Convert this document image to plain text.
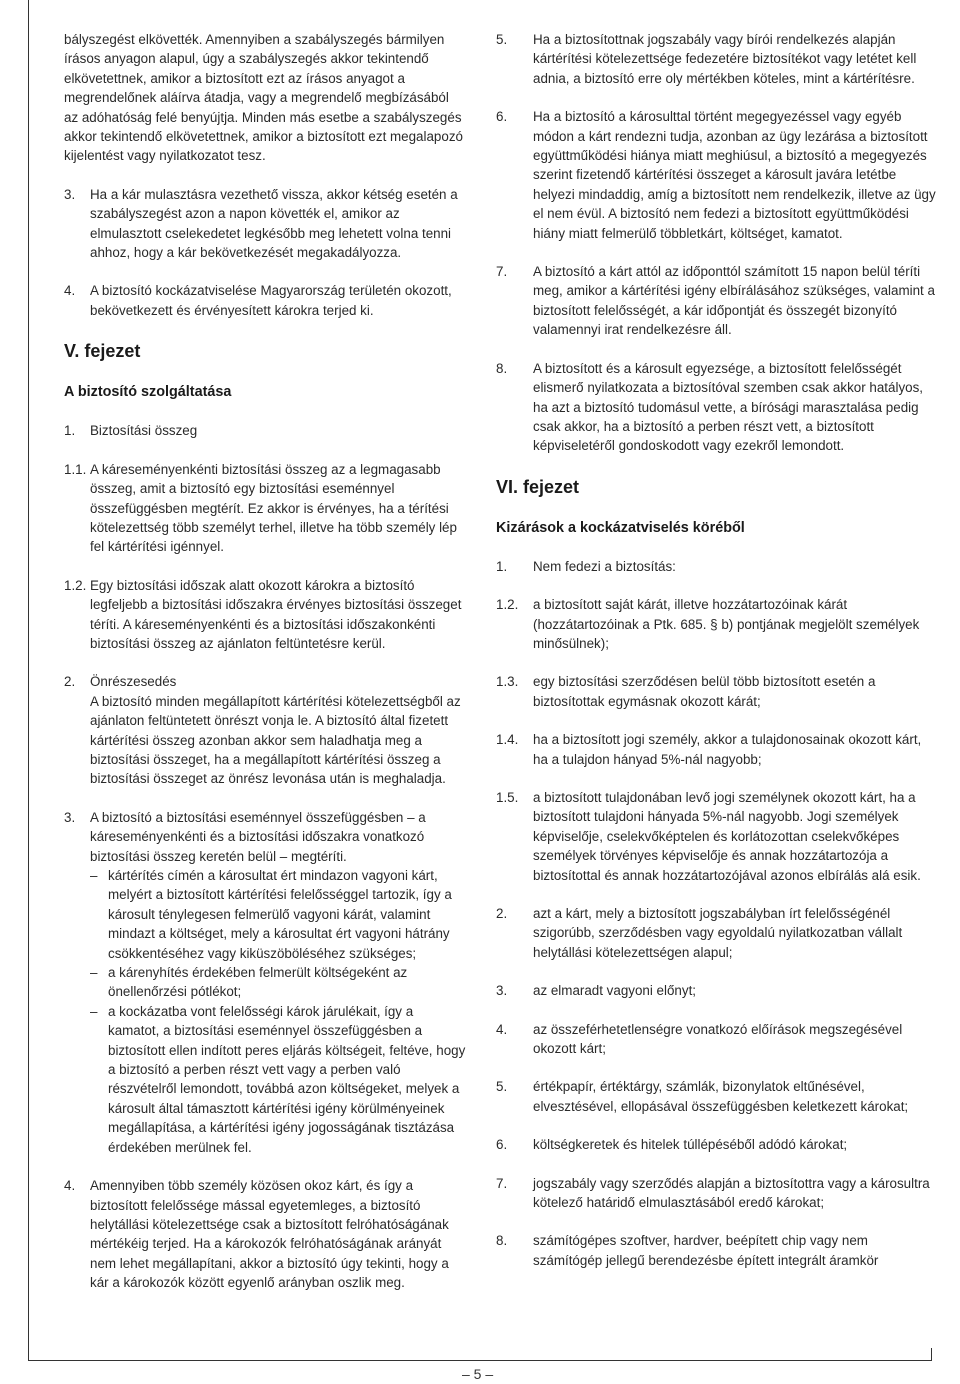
bályszegést elkövették. Amennyiben a szabályszegés bármilyen írásos anyagon alapul, úgy a szabályszegés akkor tekintendő elkövetettnek, amikor a biztosított ezt az írásos anyagot a megrendelőnek aláírva átadja, vagy a megrendelő megbízásából az adóhatóság felé benyújtja. Minden más esetbe a szabályszegés akkor tekintendő elkövetettnek, amikor a biztosított ezt megalapozó kijelentést vagy nyilatkozatot tesz.

3.	Ha a kár mulasztásra vezethető vissza, akkor kétség esetén a szabályszegést azon a napon követték el, amikor az elmulasztott cselekedetet legkésőbb meg lehetett volna tenni ahhoz, hogy a kár bekövetkezését megakadályozza.
4.	A biztosító kockázatviselése Magyarország területén okozott, bekövetkezett és érvényesített károkra terjed ki.
V. fejezet
A biztosító szolgáltatása
1.	Biztosítási összeg
1.1. A káreseményenkénti biztosítási összeg az a legmagasabb összeg, amit a biztosító egy biztosítási eseménnyel összefüggésben megtérít. Ez akkor is érvényes, ha a térítési kötelezettség több személyt terhel, illetve ha több személy lép fel kártérítési igénnyel.
1.2. Egy biztosítási időszak alatt okozott károkra a biztosító legfeljebb a biztosítási időszakra érvényes biztosítási összeget téríti. A káreseményenkénti és a biztosítási időszakonkénti biztosítási összeg az ajánlaton feltüntetésre kerül.
2.	Önrészesedés
A biztosító minden megállapított kártérítési kötelezettségből az ajánlaton feltüntetett önrészt vonja le. A biztosító által fizetett kártérítési összeg azonban akkor sem haladhatja meg a biztosítási összeget, ha a megállapított kártérítési összeg a biztosítási összeget az önrész levonása után is meghaladja.
3.	A biztosító a biztosítási eseménnyel összefüggésben – a káreseményenkénti és a biztosítási időszakra vonatkozó biztosítási összeg keretén belül – megtéríti.
– kártérítés címén a károsultat ért mindazon vagyoni kárt, melyért a biztosított kártérítési felelősséggel tartozik, így a károsult ténylegesen felmerülő vagyoni kárát, valamint mindazt a költséget, mely a károsultat ért vagyoni hátrány csökkentéséhez vagy kiküszöböléséhez szükséges;
– a kárenyhítés érdekében felmerült költségeként az önellenőrzési pótlékot;
– a kockázatba vont felelősségi károk járulékait, így a kamatot, a biztosítási eseménnyel összefüggésben a biztosított ellen indított peres eljárás költségeit, feltéve, hogy a biztosító a perben részt vett vagy a perben való részvételről lemondott, továbbá azon költségeket, melyek a károsult által támasztott kártérítési igény körülményeinek megállapítása, a kártérítési igény jogosságának tisztázása érdekében merülnek fel.
4.	Amennyiben több személy közösen okoz kárt, és így a biztosított felelőssége mással egyetemleges, a biztosító helytállási kötelezettsége csak a biztosított felróhatóságának mértékéig terjed. Ha a károkozók felróhatóságának arányát nem lehet megállapítani, akkor a biztosító úgy tekinti, hogy a kár a károkozók között egyenlő arányban oszlik meg.
5.	Ha a biztosítottnak jogszabály vagy bírói rendelkezés alapján kártérítési kötelezettsége fedezetére biztosítékot vagy letétet kell adnia, a biztosító erre oly mértékben köteles, mint a kártérítésre.
6.	Ha a biztosító a károsulttal történt megegyezéssel vagy egyéb módon a kárt rendezni tudja, azonban az ügy lezárása a biztosított együttműködési hiánya miatt meghiúsul, a biztosító a megegyezés szerint fizetendő kártérítési összeget a károsult javára letétbe helyezi mindaddig, amíg a biztosított nem rendelkezik, illetve az ügy el nem évül. A biztosító nem fedezi a biztosított együttműködési hiány miatt felmerülő többletkárt, költséget, kamatot.
7.	A biztosító a kárt attól az időponttól számított 15 napon belül téríti meg, amikor a kártérítési igény elbírálásához szükséges, valamint a biztosított felelősségét, a kár időpontját és összegét bizonyító valamennyi irat rendelkezésre áll.
8.	A biztosított és a károsult egyezsége, a biztosított felelősségét elismerő nyilatkozata a biztosítóval szemben csak akkor hatályos, ha azt a biztosító tudomásul vette, a bírósági marasztalása pedig csak akkor, ha a biztosító a perben részt vett, a biztosított képviseletéről gondoskodott vagy ezekről lemondott.
VI. fejezet
Kizárások a kockázatviselés köréből
1.	Nem fedezi a biztosítás:
1.2.	a biztosított saját kárát, illetve hozzátartozóinak kárát (hozzátartozóinak a Ptk. 685. § b) pontjának megjelölt személyek minősülnek);
1.3.	egy biztosítási szerződésen belül több biztosított esetén a biztosítottak egymásnak okozott kárát;
1.4.	ha a biztosított jogi személy, akkor a tulajdonosainak okozott kárt, ha a tulajdon hányad 5%-nál nagyobb;
1.5.	a biztosított tulajdonában levő jogi személynek okozott kárt, ha a biztosított tulajdoni hányada 5%-nál nagyobb. Jogi személyek képviselője, cselekvőképtelen és korlátozottan cselekvőképes személyek törvényes képviselője és annak hozzátartozója a biztosítottal és annak hozzátartozójával azonos elbírálás alá esik.
2.	azt a kárt, mely a biztosított jogszabályban írt felelősségénél szigorúbb, szerződésben vagy egyoldalú nyilatkozatban vállalt helytállási kötelezettségen alapul;
3.	az elmaradt vagyoni előnyt;
4.	az összeférhetetlenségre vonatkozó előírások megszegésével okozott kárt;
5.	értékpapír, értéktárgy, számlák, bizonylatok eltűnésével, elvesztésével, ellopásával összefüggésben keletkezett károkat;
6.	költségkeretek és hitelek túllépéséből adódó károkat;
7.	jogszabály vagy szerződés alapján a biztosítottra vagy a károsultra kötelező határidő elmulasztásából eredő károkat;
8.	számítógépes szoftver, hardver, beépített chip vagy nem számítógép jellegű berendezésbe épített integrált áramkör
– 5 –
